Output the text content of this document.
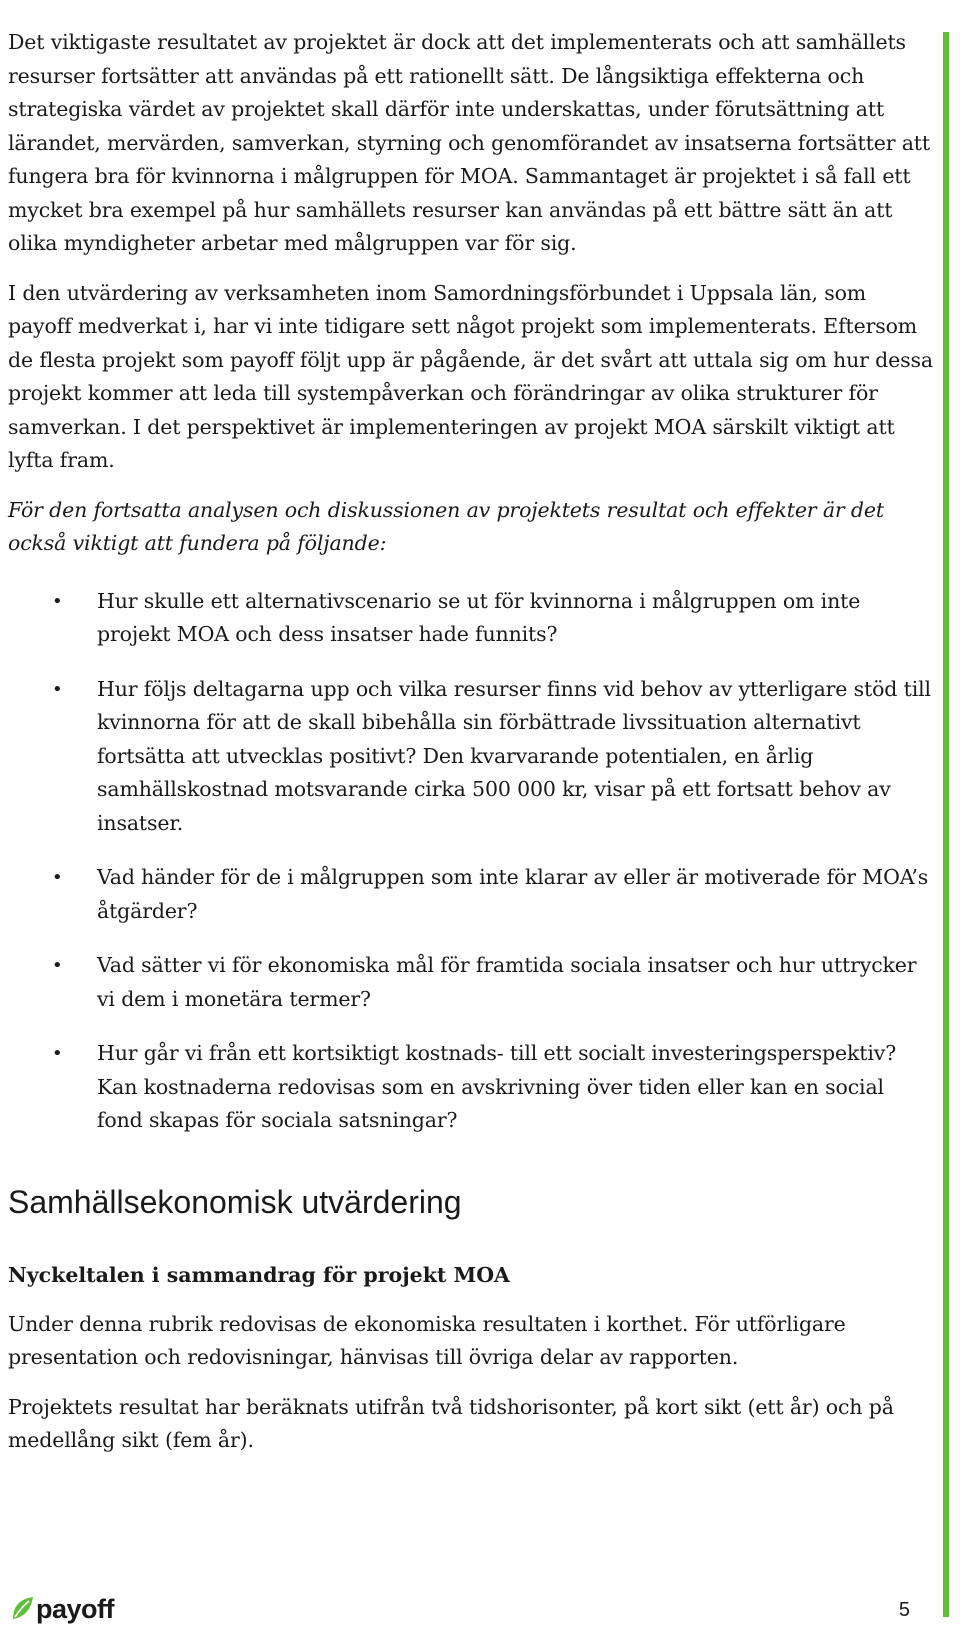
Det viktigaste resultatet av projektet är dock att det implementerats och att samhällets resurser fortsätter att användas på ett rationellt sätt. De långsiktiga effekterna och strategiska värdet av projektet skall därför inte underskattas, under förutsättning att lärandet, mervärden, samverkan, styrning och genomförandet av insatserna fortsätter att fungera bra för kvinnorna i målgruppen för MOA. Sammantaget är projektet i så fall ett mycket bra exempel på hur samhällets resurser kan användas på ett bättre sätt än att olika myndigheter arbetar med målgruppen var för sig.

I den utvärdering av verksamheten inom Samordningsförbundet i Uppsala län, som payoff medverkat i, har vi inte tidigare sett något projekt som implementerats. Eftersom de flesta projekt som payoff följt upp är pågående, är det svårt att uttala sig om hur dessa projekt kommer att leda till systempåverkan och förändringar av olika strukturer för samverkan. I det perspektivet är implementeringen av projekt MOA särskilt viktigt att lyfta fram.

För den fortsatta analysen och diskussionen av projektets resultat och effekter är det också viktigt att fundera på följande:

• Hur skulle ett alternativscenario se ut för kvinnorna i målgruppen om inte projekt MOA och dess insatser hade funnits?
• Hur följs deltagarna upp och vilka resurser finns vid behov av ytterligare stöd till kvinnorna för att de skall bibehålla sin förbättrade livssituation alternativt fortsätta att utvecklas positivt? Den kvarvarande potentialen, en årlig samhällskostnad motsvarande cirka 500 000 kr, visar på ett fortsatt behov av insatser.
• Vad händer för de i målgruppen som inte klarar av eller är motiverade för MOA’s åtgärder?
• Vad sätter vi för ekonomiska mål för framtida sociala insatser och hur uttrycker vi dem i monetära termer?
• Hur går vi från ett kortsiktigt kostnads- till ett socialt investeringsperspektiv? Kan kostnaderna redovisas som en avskrivning över tiden eller kan en social fond skapas för sociala satsningar?
Samhällsekonomisk utvärdering
Nyckeltalen i sammandrag för projekt MOA

Under denna rubrik redovisas de ekonomiska resultaten i korthet. För utförligare presentation och redovisningar, hänvisas till övriga delar av rapporten.

Projektets resultat har beräknats utifrån två tidshorisonter, på kort sikt (ett år) och på medellång sikt (fem år).

payoff	5
